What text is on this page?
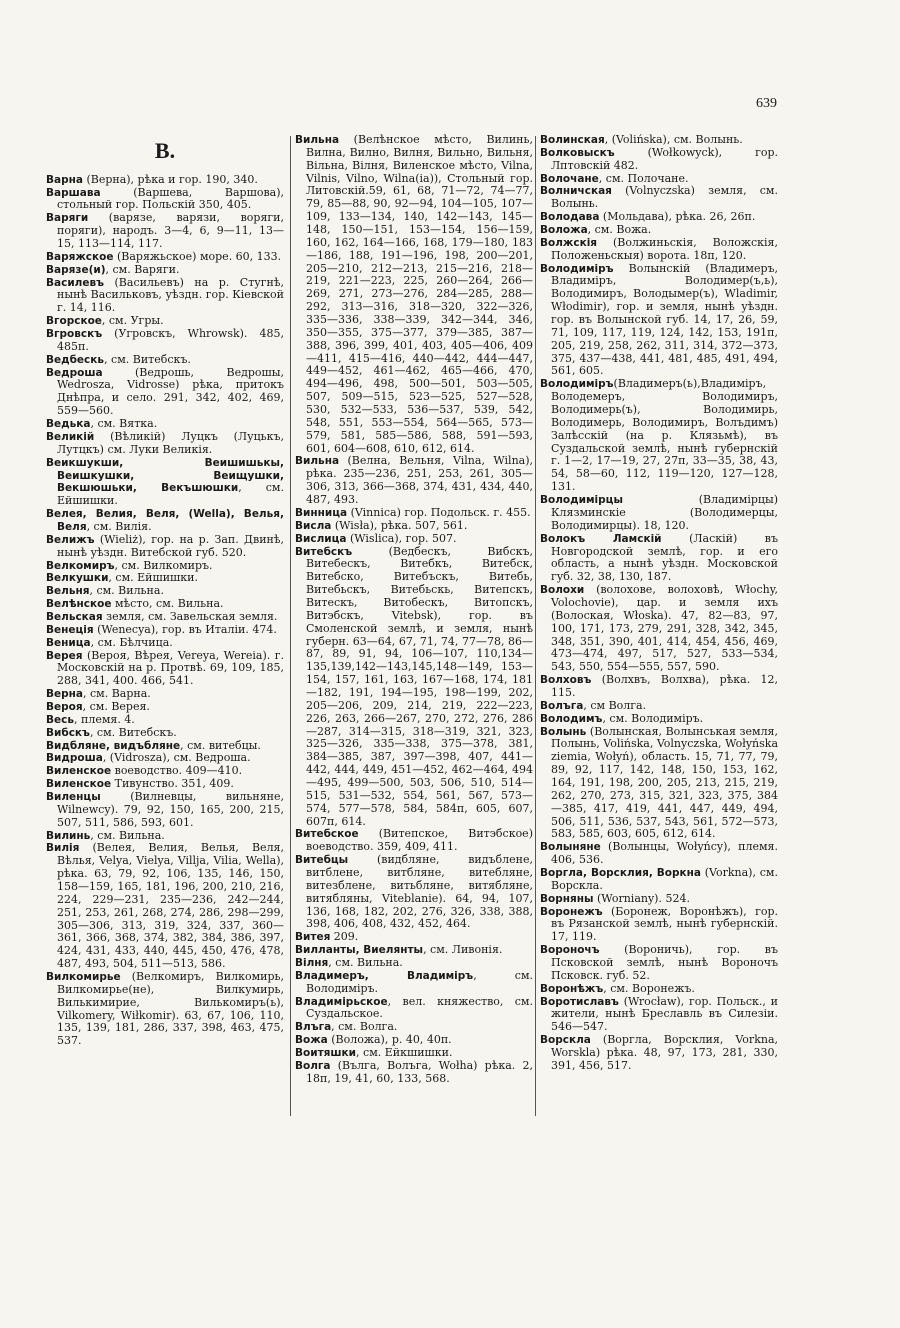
639
В.

Варна (Верна), рѣка и гор. 190, 340.

Варшава (Варшева, Варшова), стольный гор. Польскій 350, 405.

Варяги (варязе, варязи, воряги, поряги), народъ. 3—4, 6, 9—11, 13—15, 113—114, 117.

Варяжское (Варяжьское) море. 60, 133.

Варязе(и), см. Варяги.

Василевъ (Васильевъ) на р. Стугнѣ, нынѣ Васильковъ, уѣздн. гор. Кіевской г. 14, 116.

Вгорское, см. Угры.

Вгровскъ (Угровскъ, Whrowsk). 485, 485п.

Ведбескь, см. Витебскъ.

Ведроша (Ведрошь, Ведрошы, Wedrosza, Vidrosse) рѣка, притокъ Днѣпра, и село. 291, 342, 402, 469, 559—560.

Ведька, см. Вятка.

Великій (Вѣликій) Луцкъ (Луцькъ, Лутцкъ) см. Луки Великія.

Веикшукши, Веишишькы, Веишкушки, Веищушки, Векшюшьки, Векъшюшки, см. Ейшишки.

Велея, Велия, Веля, (Wella), Велья, Веля, см. Вилія.

Велижъ (Wieliż), гор. на р. Зап. Двинѣ, нынѣ уѣздн. Витебской губ. 520.

Велкомиръ, см. Вилкомиръ.

Велкушки, см. Ейшишки.

Вельня, см. Вильна.

Велѣнское мѣсто, см. Вильна.

Вельская земля, см. Завельская земля.

Венеція (Wenecya), гор. въ Италіи. 474.

Веница, см. Бѣлчица.

Верея (Вероя, Вѣрея, Vereya, Wereia). г. Московскій на р. Протвѣ. 69, 109, 185, 288, 341, 400. 466, 541.

Верна, см. Варна.

Вероя, см. Верея.

Весь, племя. 4.

Вибскъ, см. Витебскъ.

Видбляне, видъбляне, см. витебцы.

Видроша, (Vidrosza), см. Ведроша.

Виленское воеводство. 409—410.

Виленское Тивунство. 351, 409.

Виленцы (Вилневцы, вильняне, Wilnewcy). 79, 92, 150, 165, 200, 215, 507, 511, 586, 593, 601.

Вилинь, см. Вильна.

Вилія (Велея, Велия, Велья, Веля, Вѣлья, Velya, Vielya, Villja, Vilia, Wella), рѣка. 63, 79, 92, 106, 135, 146, 150, 158—159, 165, 181, 196, 200, 210, 216, 224, 229—231, 235—236, 242—244, 251, 253, 261, 268, 274, 286, 298—299, 305—306, 313, 319, 324, 337, 360—361, 366, 368, 374, 382, 384, 386, 397, 424, 431, 433, 440, 445, 450, 476, 478, 487, 493, 504, 511—513, 586.

Вилкомирье (Велкомиръ, Вилкомирь, Вилкомирье(не), Вилкумирь, Вилькимирие, Вилькомиръ(ь), Vilkomery, Wiłkomir). 63, 67, 106, 110, 135, 139, 181, 286, 337, 398, 463, 475, 537.

Вильна (Велѣнское мѣсто, Вилинь, Вилна, Вилно, Вилня, Вильно, Вильня, Вільна, Вілня, Виленское мѣсто, Vilna, Vilnis, Vilno, Wilna(ia)), Стольный гор. Литовскій.59, 61, 68, 71—72, 74—77, 79, 85—88, 90, 92—94, 104—105, 107—109, 133—134, 140, 142—143, 145—148, 150—151, 153—154, 156—159, 160, 162, 164—166, 168, 179—180, 183—186, 188, 191—196, 198, 200—201, 205—210, 212—213, 215—216, 218—219, 221—223, 225, 260—264, 266—269, 271, 273—276, 284—285, 288—292, 313—316, 318—320, 322—326, 335—336, 338—339, 342—344, 346, 350—355, 375—377, 379—385, 387—388, 396, 399, 401, 403, 405—406, 409—411, 415—416, 440—442, 444—447, 449—452, 461—462, 465—466, 470, 494—496, 498, 500—501, 503—505, 507, 509—515, 523—525, 527—528, 530, 532—533, 536—537, 539, 542, 548, 551, 553—554, 564—565, 573—579, 581, 585—586, 588, 591—593, 601, 604—608, 610, 612, 614.

Вильна (Велна, Вельня, Vilna, Wilna), рѣка. 235—236, 251, 253, 261, 305—306, 313, 366—368, 374, 431, 434, 440, 487, 493.

Винница (Vinnica) гор. Подольск. г. 455.

Висла (Wisła), рѣка. 507, 561.

Вислица (Wislica), гор. 507.

Витебскъ (Ведбескъ, Вибскъ, Витебескъ, Витебкъ, Витебск, Витебско, Витебъскъ, Витебь, Витебьскъ, Витебьскь, Витепскъ, Витескъ, Витобескъ, Витопскъ, Витэбскъ, Vitebsk), гор. въ Смоленской землѣ, и земля, нынѣ губерн. 63—64, 67, 71, 74, 77—78, 86—87, 89, 91, 94, 106—107, 110,134—135,139,142—143,145,148—149, 153—154, 157, 161, 163, 167—168, 174, 181—182, 191, 194—195, 198—199, 202, 205—206, 209, 214, 219, 222—223, 226, 263, 266—267, 270, 272, 276, 286—287, 314—315, 318—319, 321, 323, 325—326, 335—338, 375—378, 381, 384—385, 387, 397—398, 407, 441—442, 444, 449, 451—452, 462—464, 494—495, 499—500, 503, 506, 510, 514—515, 531—532, 554, 561, 567, 573—574, 577—578, 584, 584п, 605, 607, 607п, 614.

Витебское (Витепское, Витэбское) воеводство. 359, 409, 411.

Витебцы (видбляне, видъблене, витблене, витбляне, витебляне, витезблене, витьбляне, витябляне, витябляны, Viteblanie). 64, 94, 107, 136, 168, 182, 202, 276, 326, 338, 388, 398, 406, 408, 432, 452, 464.

Витея 209.

Вилланты, Виелянты, см. Ливонія.

Вілня, см. Вильна.

Владимеръ, Владиміръ, см. Володиміръ.

Владимірьское, вел. княжество, см. Суздальское.

Влъга, см. Волга.

Вожа (Воложа), р. 40, 40п.

Воитяшки, см. Ейкшишки.

Волга (Вълга, Волъга, Wołha) рѣка. 2, 18п, 19, 41, 60, 133, 568.

Волинская, (Volińska), см. Волынь.

Волковыскъ (Wołkowyck), гор. Лптовскій 482.

Волочане, см. Полочане.

Волничская (Volnyczska) земля, см. Волынь.

Володава (Мольдава), рѣка. 26, 26п.

Воложа, см. Вожа.

Волжскія (Волжиньскія, Воложскія, Положеньскыя) ворота. 18п, 120.

Володиміръ Волынскій (Владимеръ, Владиміръ, Володимер(ъ,ь), Володимиръ, Володымер(ъ), Wladimir, Włodimir), гор. и земля, нынѣ уѣздн. гор. въ Волынской губ. 14, 17, 26, 59, 71, 109, 117, 119, 124, 142, 153, 191п, 205, 219, 258, 262, 311, 314, 372—373, 375, 437—438, 441, 481, 485, 491, 494, 561, 605.

Володиміръ(Владимеръ(ь),Владиміръ, Володемеръ, Володимиръ, Володимерь(ъ), Володимирь, Володимерь, Володимиръ, Волъдимъ) Залѣсскій (на р. Клязьмѣ), въ Суздальской землѣ, нынѣ губернскій г. 1—2, 17—19, 27, 27п, 33—35, 38, 43, 54, 58—60, 112, 119—120, 127—128, 131.

Володимірцы (Владимірцы) Клязминскіе (Володимерцы, Володимирцы). 18, 120.

Волокъ Ламскій (Ласкій) въ Новгородской землѣ, гор. и его область, а нынѣ уѣздн. Московской губ. 32, 38, 130, 187.

Волохи (волохове, волоховѣ, Włochy, Volochovie), цар. и земля ихъ (Волоская, Włoska). 47, 82—83, 97, 100, 171, 173, 279, 291, 328, 342, 345, 348, 351, 390, 401, 414, 454, 456, 469, 473—474, 497, 517, 527, 533—534, 543, 550, 554—555, 557, 590.

Волховъ (Волхвъ, Волхва), рѣка. 12, 115.

Волъга, см Волга.

Володимъ, см. Володиміръ.

Волынь (Волынская, Волынськая земля, Полынь, Volińska, Volnyczska, Wołyńska ziemia, Wołyń), область. 15, 71, 77, 79, 89, 92, 117, 142, 148, 150, 153, 162, 164, 191, 198, 200, 205, 213, 215, 219, 262, 270, 273, 315, 321, 323, 375, 384—385, 417, 419, 441, 447, 449, 494, 506, 511, 536, 537, 543, 561, 572—573, 583, 585, 603, 605, 612, 614.

Волыняне (Волынцы, Wołyńcy), племя. 406, 536.

Воргла, Ворсклия, Воркна (Vorkna), см. Ворскла.

Ворняны (Worniany). 524.

Воронежъ (Боронеж, Воронѣжъ), гор. въ Рязанской землѣ, нынѣ губернскій. 17, 119.

Вороночъ (Вороничь), гор. въ Псковской землѣ, нынѣ Вороночъ Псковск. губ. 52.

Воронѣжъ, см. Воронежъ.

Воротиславъ (Wrocław), гор. Польск., и жители, нынѣ Бреславль въ Силезіи. 546—547.

Ворскла (Воргла, Ворсклия, Vorkna, Worskla) рѣка. 48, 97, 173, 281, 330, 391, 456, 517.
